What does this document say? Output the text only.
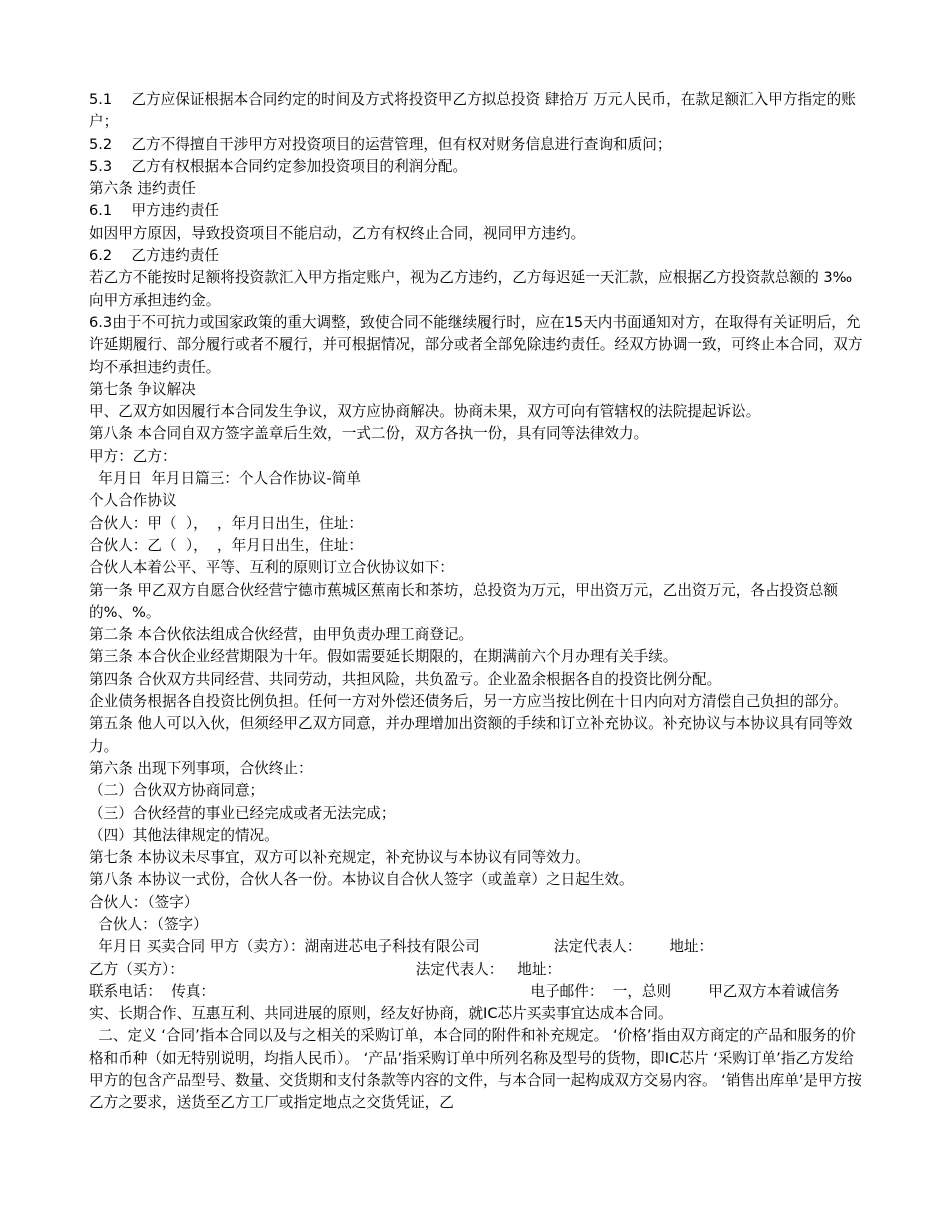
5.1　 乙方应保证根据本合同约定的时间及方式将投资甲乙方拟总投资 肆拾万 万元人民币，在款足额汇入甲方指定的账户；

5.2　 乙方不得擅自干涉甲方对投资项目的运营管理，但有权对财务信息进行查询和质问；

5.3　 乙方有权根据本合同约定参加投资项目的利润分配。

第六条 违约责任

6.1　 甲方违约责任

如因甲方原因，导致投资项目不能启动，乙方有权终止合同，视同甲方违约。

6.2　 乙方违约责任

若乙方不能按时足额将投资款汇入甲方指定账户，视为乙方违约，乙方每迟延一天汇款，应根据乙方投资款总额的 3‰向甲方承担违约金。

6.3由于不可抗力或国家政策的重大调整，致使合同不能继续履行时，应在15天内书面通知对方，在取得有关证明后，允许延期履行、部分履行或者不履行，并可根据情况，部分或者全部免除违约责任。经双方协调一致，可终止本合同，双方均不承担违约责任。

第七条 争议解决

甲、乙双方如因履行本合同发生争议，双方应协商解决。协商未果，双方可向有管辖权的法院提起诉讼。

第八条 本合同自双方签字盖章后生效，一式二份，双方各执一份，具有同等法律效力。

甲方：乙方：

年月日  年月日篇三：个人合作协议-简单

个人合作协议

合伙人：甲（  ），  ，年月日出生，住址：

合伙人：乙（  ），  ，年月日出生，住址：

合伙人本着公平、平等、互利的原则订立合伙协议如下：

第一条 甲乙双方自愿合伙经营宁德市蕉城区蕉南长和茶坊，总投资为万元，甲出资万元，乙出资万元，各占投资总额的%、%。

第二条 本合伙依法组成合伙经营，由甲负责办理工商登记。

第三条 本合伙企业经营期限为十年。假如需要延长期限的，在期满前六个月办理有关手续。

第四条 合伙双方共同经营、共同劳动，共担风险，共负盈亏。企业盈余根据各自的投资比例分配。

企业债务根据各自投资比例负担。任何一方对外偿还债务后，另一方应当按比例在十日内向对方清偿自己负担的部分。

第五条 他人可以入伙，但须经甲乙双方同意，并办理增加出资额的手续和订立补充协议。补充协议与本协议具有同等效力。

第六条 出现下列事项，合伙终止：

（二）合伙双方协商同意；

（三）合伙经营的事业已经完成或者无法完成；

（四）其他法律规定的情况。

第七条 本协议未尽事宜，双方可以补充规定，补充协议与本协议有同等效力。

第八条 本协议一式份，合伙人各一份。本协议自合伙人签字（或盖章）之日起生效。

合伙人：（签字）

合伙人：（签字）

年月日 买卖合同 甲方（卖方）：湖南进芯电子科技有限公司                法定代表人：      地址：

乙方（买方）：                                                  法定代表人：   地址：

联系电话：  传真：                                                                    电子邮件：  一，总则        甲乙双方本着诚信务实、长期合作、互惠互利、共同进展的原则，经友好协商，就IC芯片买卖事宜达成本合同。

二、定义 ‘合同’指本合同以及与之相关的采购订单，本合同的附件和补充规定。 ‘价格’指由双方商定的产品和服务的价格和币种（如无特别说明，均指人民币）。 ‘产品’指采购订单中所列名称及型号的货物，即IC芯片 ‘采购订单’指乙方发给甲方的包含产品型号、数量、交货期和支付条款等内容的文件，与本合同一起构成双方交易内容。 ‘销售出库单’是甲方按乙方之要求，送货至乙方工厂或指定地点之交货凭证，乙
